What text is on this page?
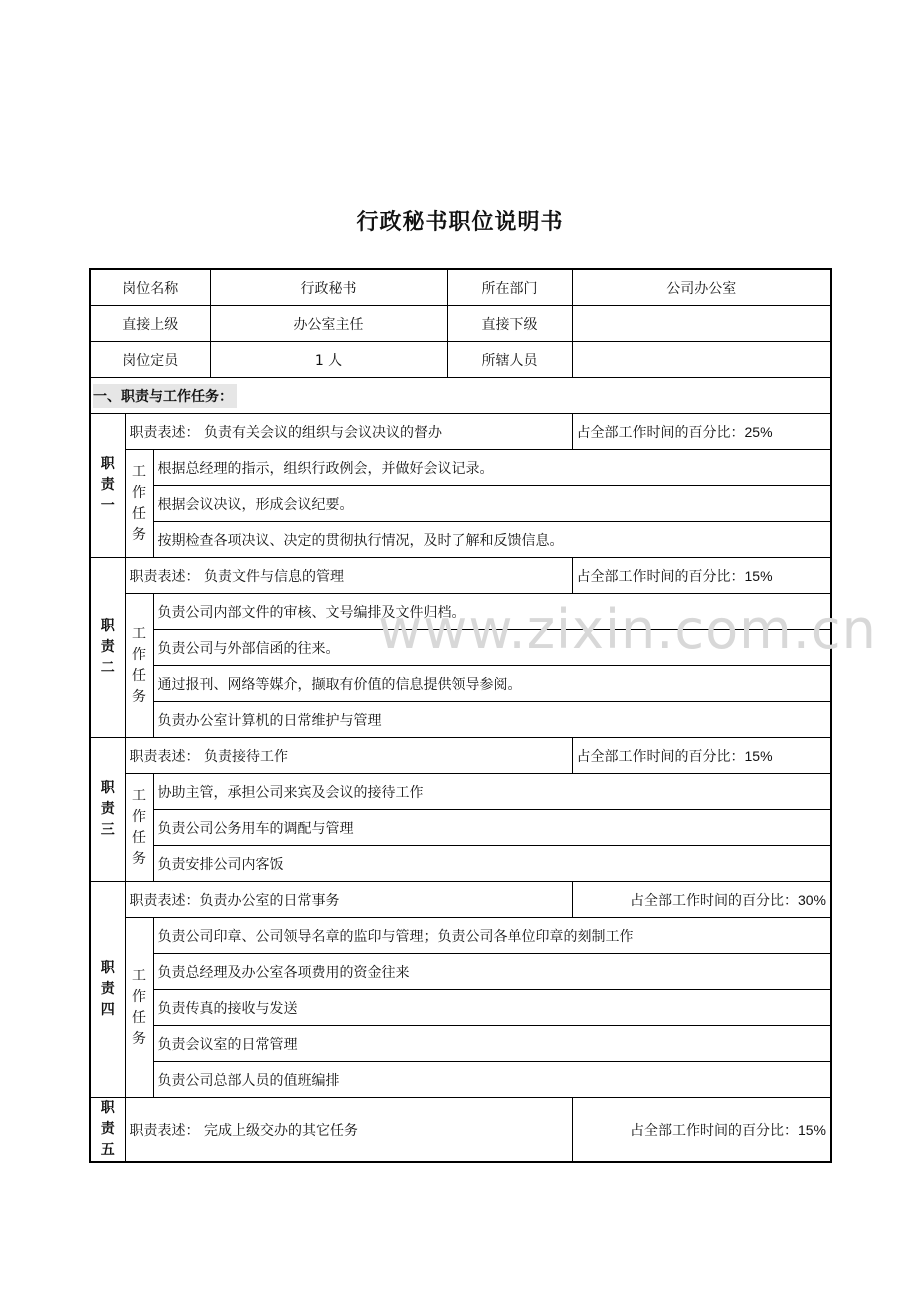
行政秘书职位说明书
www.zixin.com.cn
岗位名称			行政秘书	所在部门	公司办公室
直接上级			办公室主任	直接下级	
岗位定员			1 人	所辖人员	
一、职责与工作任务：					
职
责
一	职责表述： 负责有关会议的组织与会议决议的督办				占全部工作时间的百分比：25%
	工
作
任
务	根据总经理的指示，组织行政例会，并做好会议记录。			
		根据会议决议，形成会议纪要。			
		按期检查各项决议、决定的贯彻执行情况，及时了解和反馈信息。			
职
责
二	职责表述： 负责文件与信息的管理				占全部工作时间的百分比：15%
	工
作
任
务	负责公司内部文件的审核、文号编排及文件归档。			
		负责公司与外部信函的往来。			
		通过报刊、网络等媒介，撷取有价值的信息提供领导参阅。			
		负责办公室计算机的日常维护与管理			
职
责
三	职责表述： 负责接待工作				占全部工作时间的百分比：15%
	工
作
任
务	协助主管，承担公司来宾及会议的接待工作			
		负责公司公务用车的调配与管理			
		负责安排公司内客饭			
职
责
四	职责表述：负责办公室的日常事务				占全部工作时间的百分比：30%
	工
作
任
务	负责公司印章、公司领导名章的监印与管理；负责公司各单位印章的刻制工作			
		负责总经理及办公室各项费用的资金往来			
		负责传真的接收与发送			
		负责会议室的日常管理			
		负责公司总部人员的值班编排			
职
责
五	职责表述： 完成上级交办的其它任务				占全部工作时间的百分比：15%
